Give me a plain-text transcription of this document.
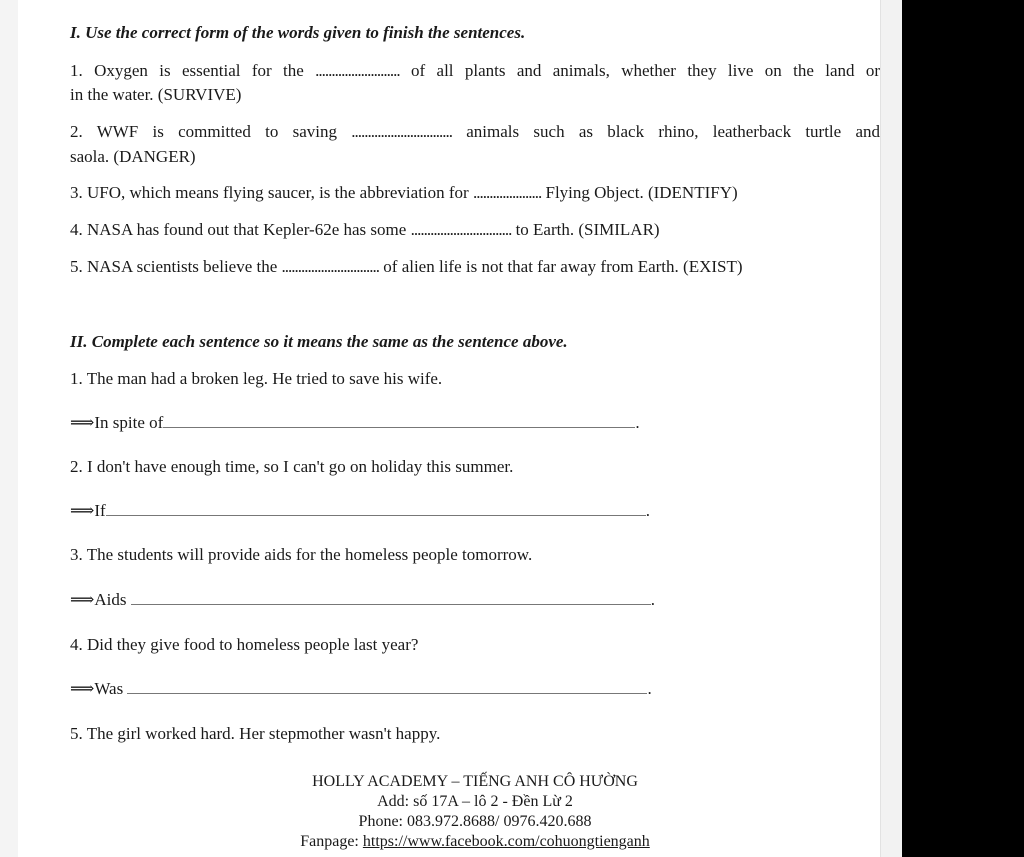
I. Use the correct form of the words given to finish the sentences.
1. Oxygen is essential for the .......................... of all plants and animals, whether they live on the land or
in the water. (SURVIVE)
2. WWF is committed to saving ............................... animals such as black rhino, leatherback turtle and
saola. (DANGER)
3. UFO, which means flying saucer, is the abbreviation for ..................... Flying Object. (IDENTIFY)
4. NASA has found out that Kepler-62e has some ............................... to Earth. (SIMILAR)
5. NASA scientists believe the .............................. of alien life is not that far away from Earth. (EXIST)
II. Complete each sentence so it means the same as the sentence above.
1. The man had a broken leg. He tried to save his wife.
⟹In spite of	.
2. I don't have enough time, so I can't go on holiday this summer.
⟹If	.
3. The students will provide aids for the homeless people tomorrow.
⟹Aids	.
4. Did they give food to homeless people last year?
⟹Was	.
5. The girl worked hard. Her stepmother wasn't happy.
HOLLY ACADEMY – TIẾNG ANH CÔ HƯỜNG
Add: số 17A – lô 2 - Đền Lừ 2
Phone: 083.972.8688/ 0976.420.688
Fanpage: https://www.facebook.com/cohuongtienganh
